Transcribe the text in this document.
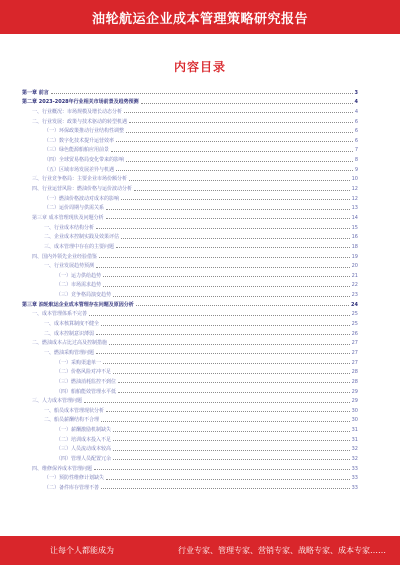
油轮航运企业成本管理策略研究报告
内容目录
第一章 前言	3
第二章 2023-2028年行业相关市场前景及趋势预测	4
一、行业概况：市场规模及增长动态分析	4
二、行业发展：政策与技术驱动的转型机遇	6
（一）环保政策推动行业结构性调整	6
（二）数字化技术提升运营效率	6
（三）绿色能源船舶应用前景	7
（四）全球贸易格局变化带来的影响	8
（五）区域市场发展差异与机遇	9
三、行业竞争格局：主要企业市场份额分析	10
四、行业运营风险：燃油价格与运价波动分析	12
（一）燃油价格波动对成本的影响	12
（二）运价周期与供需关系	13
第三章 成本管理现状及问题分析	14
一、行业成本结构分析	15
二、企业成本控制实践及效果评估	16
三、成本管理中存在的主要问题	18
四、国内外领先企业经验借鉴	19
一、行业发展趋势预测	20
（一）运力供给趋势	21
（二）市场需求趋势	22
（三）竞争格局演变趋势	23
第三章 油轮航运企业成本管理存在问题及原因分析	24
一、成本管理体系不完善	25
一、成本核算制度不健全	25
二、成本控制意识薄弱	26
二、燃油成本占比过高及控制措施	27
一、燃油采购管理问题	27
（一）采购渠道单一	27
（二）价格风险对冲不足	28
（三）燃油消耗监控不到位	28
（四）船舶能效管理水平低	29
三、人力成本管理问题	29
一、船员成本管理现状分析	30
二、船员薪酬结构不合理	30
（一）薪酬激励机制缺失	31
（二）培训成本投入不足	31
（三）人员流动成本较高	32
（四）管理人员配置冗余	32
四、维修保养成本管理问题	33
（一）预防性维修计划缺失	33
（二）备件库存管理不善	33
让每个人都能成为	行业专家、管理专家、营销专家、战略专家、成本专家……
